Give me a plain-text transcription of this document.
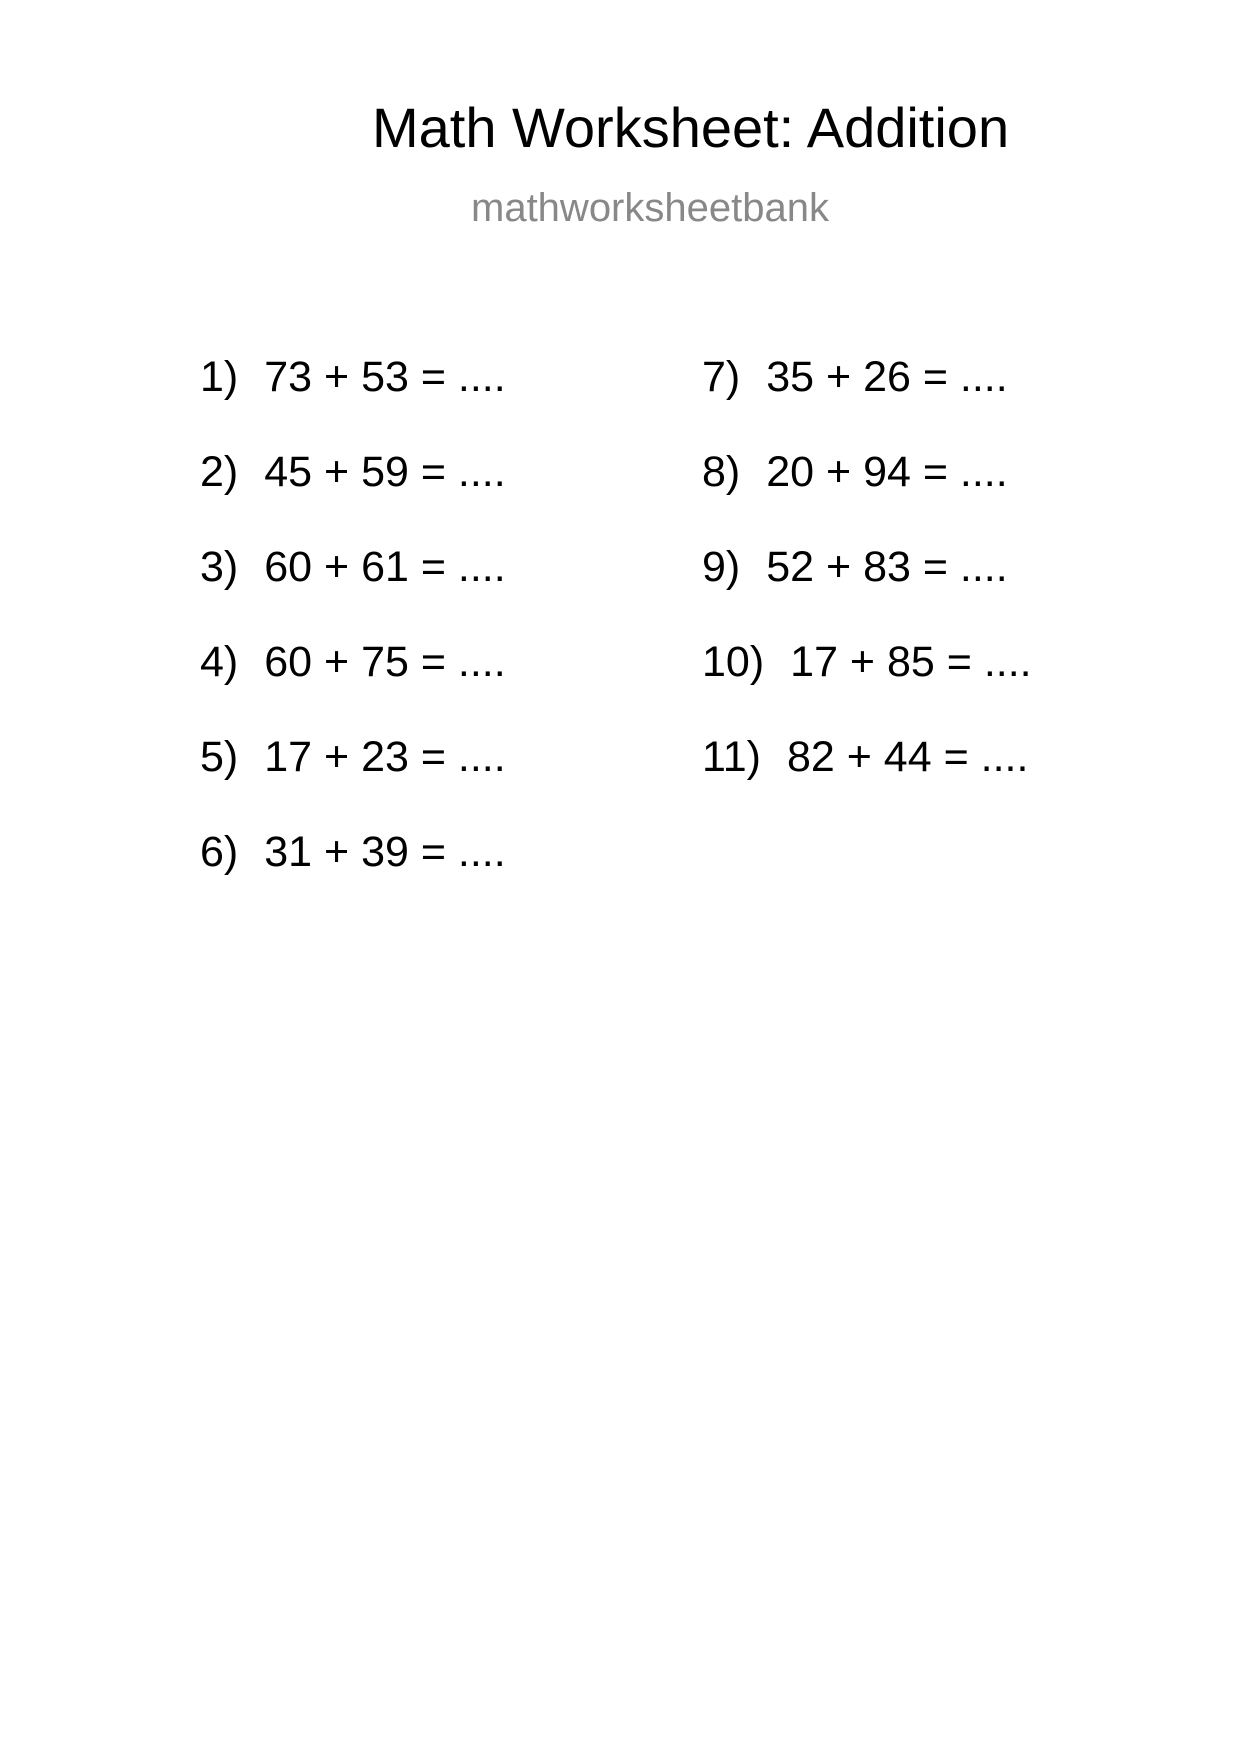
Math Worksheet: Addition
mathworksheetbank
1) 73 + 53 = ....
2) 45 + 59 = ....
3) 60 + 61 = ....
4) 60 + 75 = ....
5) 17 + 23 = ....
6) 31 + 39 = ....
7) 35 + 26 = ....
8) 20 + 94 = ....
9) 52 + 83 = ....
10) 17 + 85 = ....
11) 82 + 44 = ....
